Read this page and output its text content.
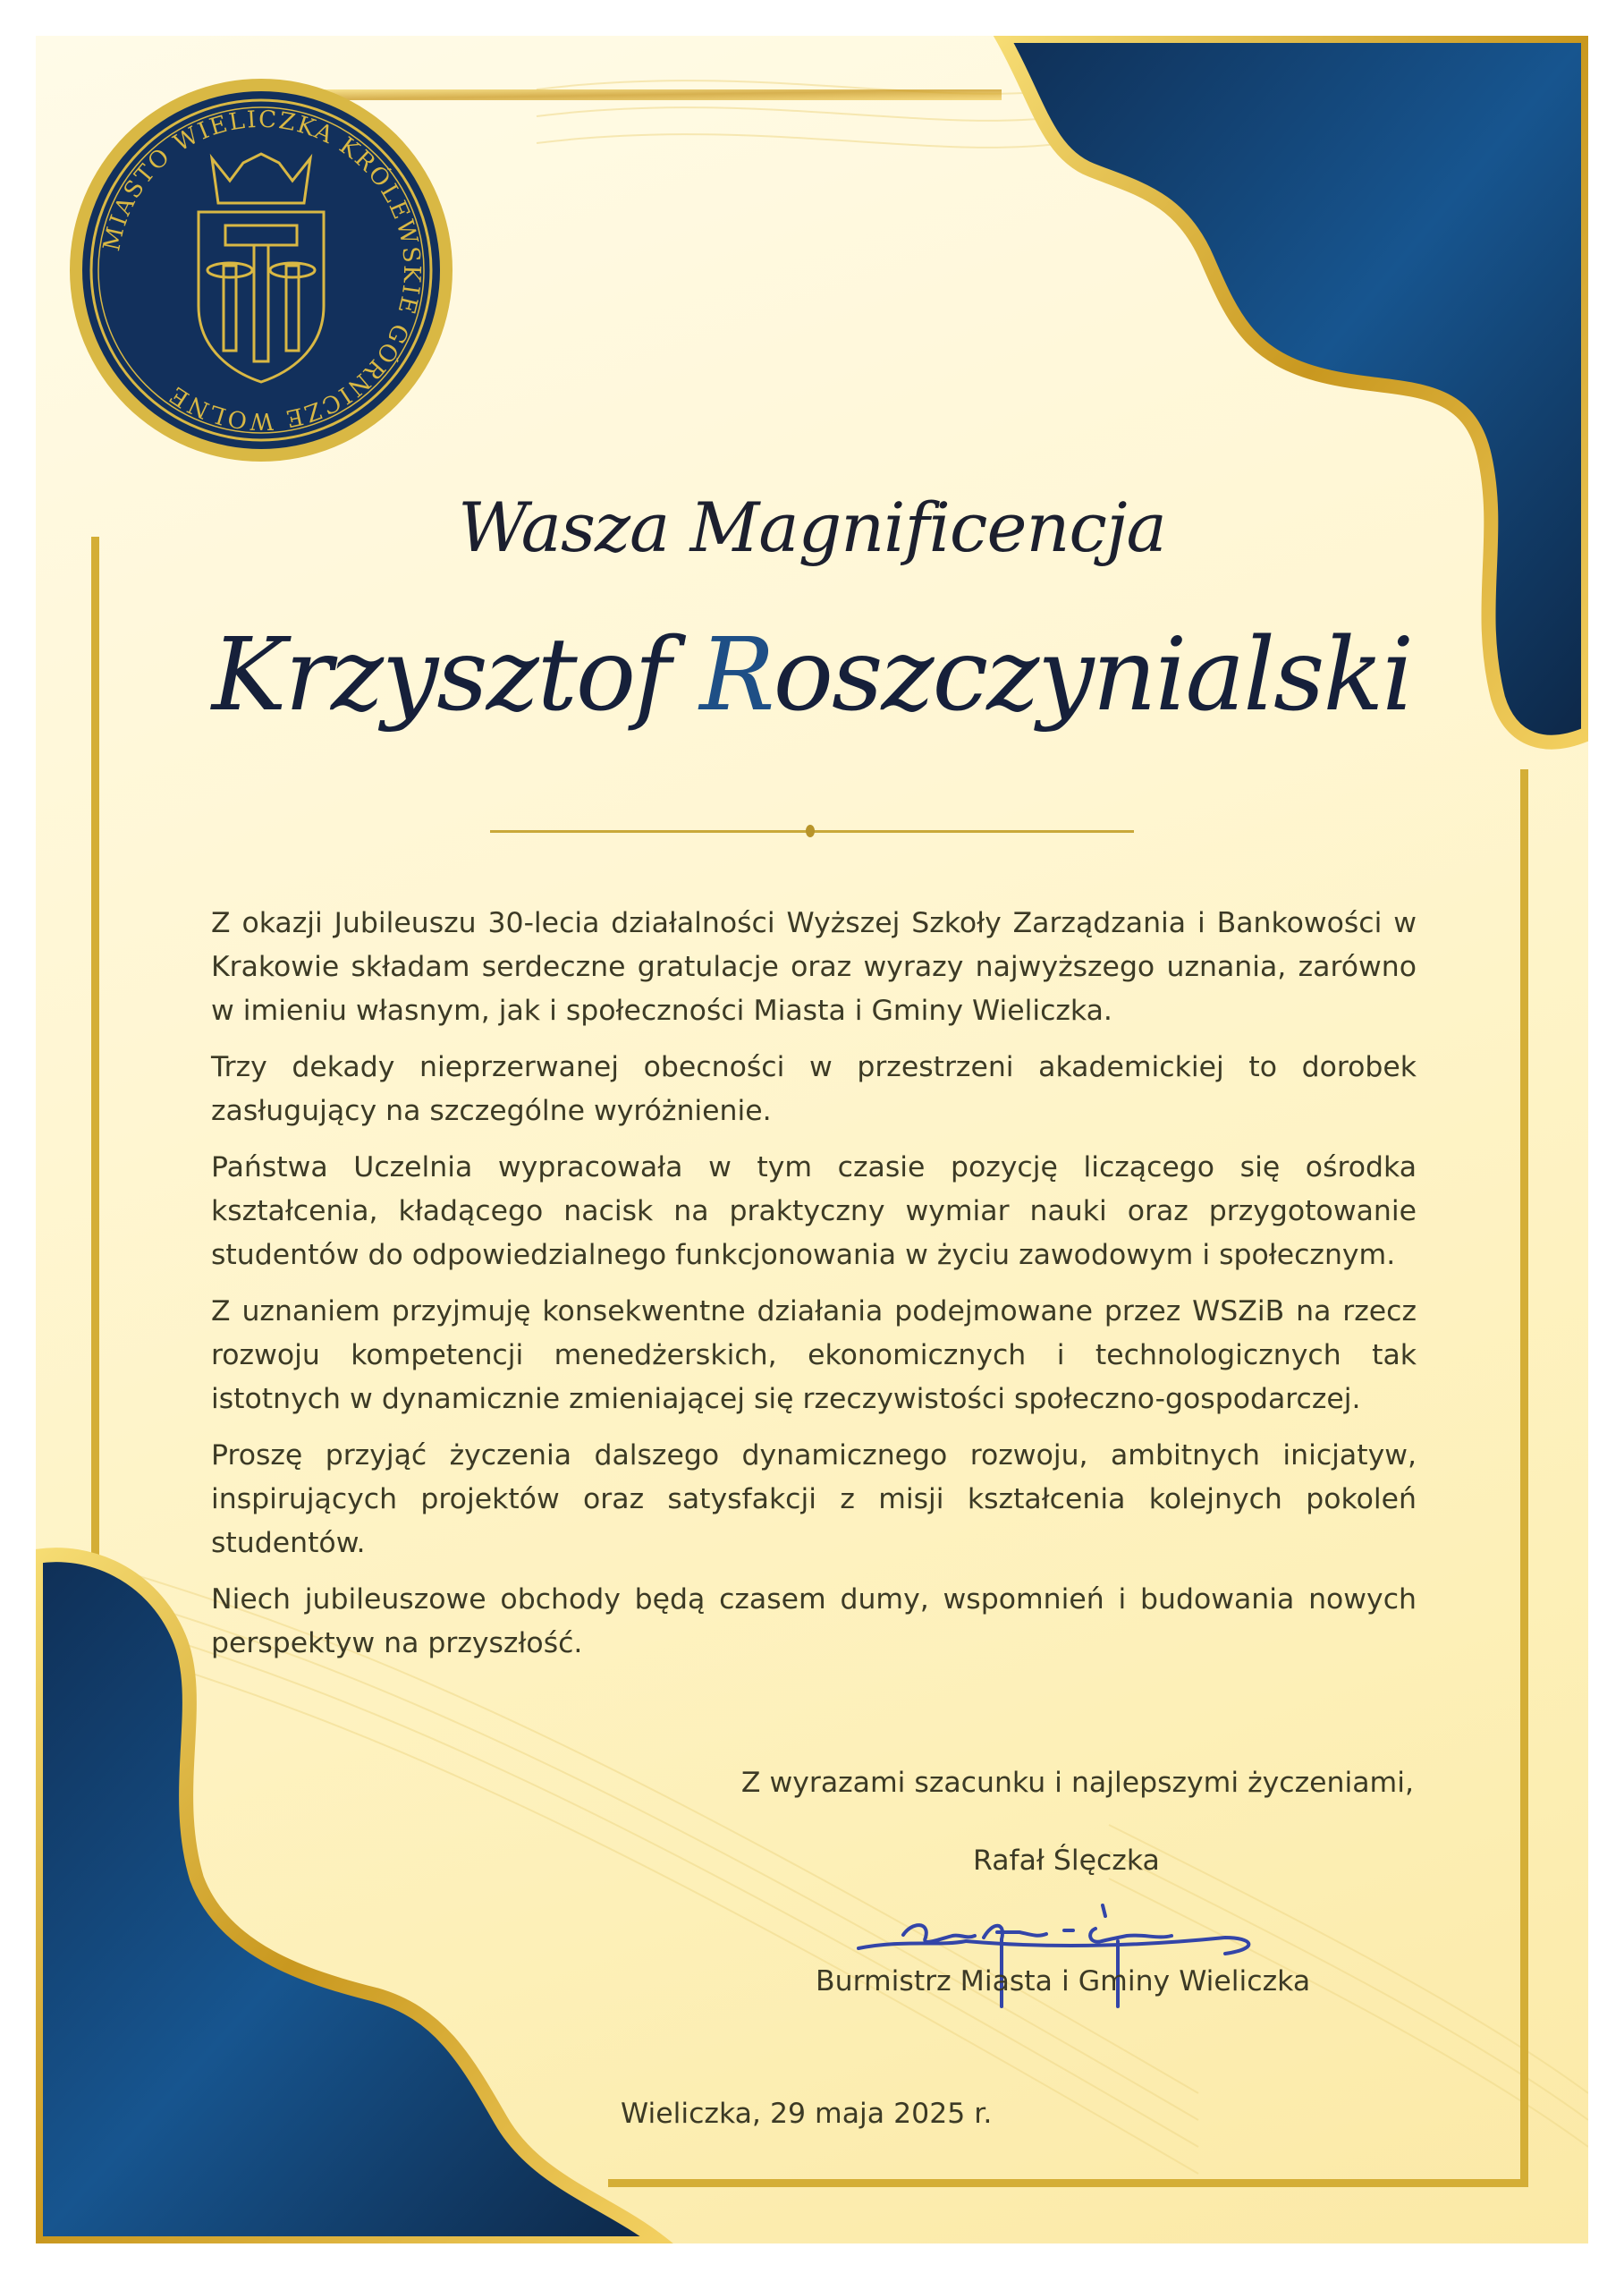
MIASTO WIELICZKA KRÓLEWSKIE GÓRNICZE WOLNE
Wasza Magnificencja
Krzysztof Roszczynialski

Z okazji Jubileuszu 30-lecia działalności Wyższej Szkoły Zarządzania i Bankowości w Krakowie składam serdeczne gratulacje oraz wyrazy najwyższego uznania, zarówno w imieniu własnym, jak i społeczności Miasta i Gminy Wieliczka.

Trzy dekady nieprzerwanej obecności w przestrzeni akademickiej to dorobek zasługujący na szczególne wyróżnienie.

Państwa Uczelnia wypracowała w tym czasie pozycję liczącego się ośrodka kształcenia, kładącego nacisk na praktyczny wymiar nauki oraz przygotowanie studentów do odpowiedzialnego funkcjonowania w życiu zawodowym i społecznym.

Z uznaniem przyjmuję konsekwentne działania podejmowane przez WSZiB na rzecz rozwoju kompetencji menedżerskich, ekonomicznych i technologicznych tak istotnych w dynamicznie zmieniającej się rzeczywistości społeczno-gospodarczej.

Proszę przyjąć życzenia dalszego dynamicznego rozwoju, ambitnych inicjatyw, inspirujących projektów oraz satysfakcji z misji kształcenia kolejnych pokoleń studentów.

Niech jubileuszowe obchody będą czasem dumy, wspomnień i budowania nowych perspektyw na przyszłość.

Z wyrazami szacunku i najlepszymi życzeniami,
Rafał Ślęczka
Burmistrz Miasta i Gminy Wieliczka
Wieliczka, 29 maja 2025 r.
